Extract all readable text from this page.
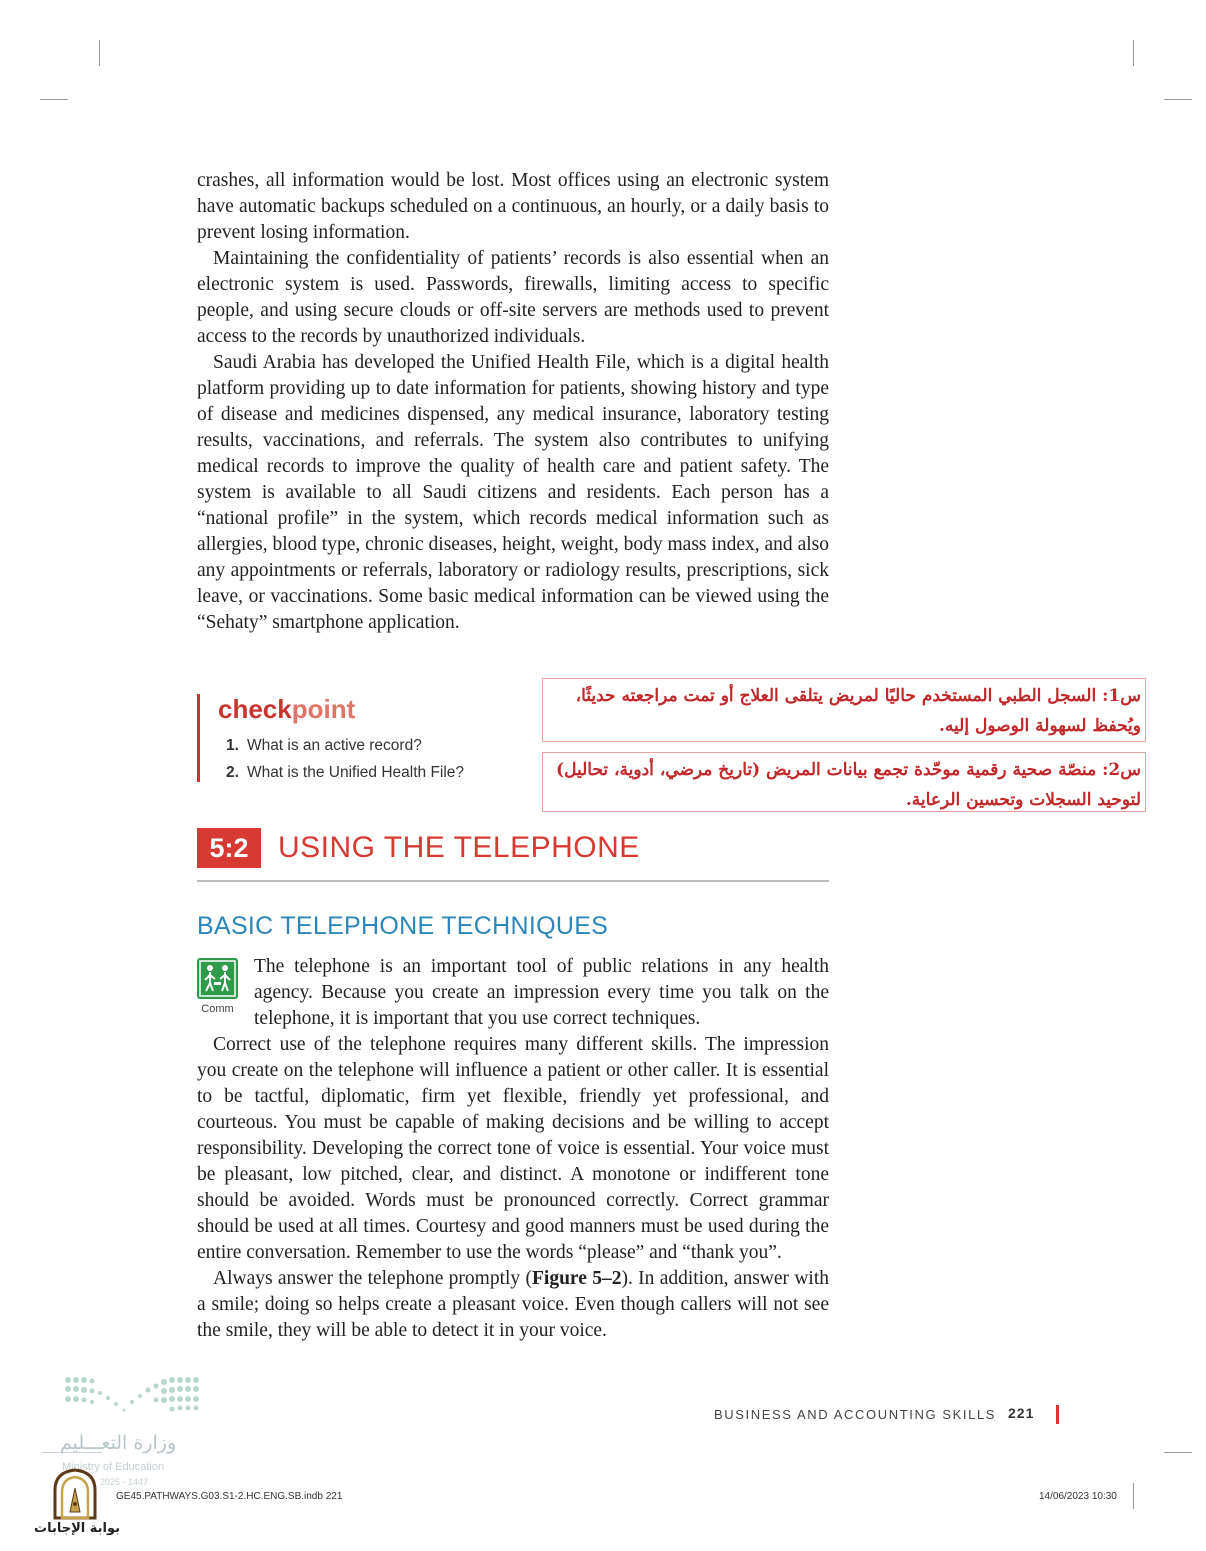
crashes, all information would be lost. Most offices using an electronic system have automatic backups scheduled on a continuous, an hourly, or a daily basis to prevent losing information.

Maintaining the confidentiality of patients’ records is also essential when an electronic system is used. Passwords, firewalls, limiting access to specific people, and using secure clouds or off-site servers are methods used to prevent access to the records by unauthorized individuals.

Saudi Arabia has developed the Unified Health File, which is a digital health platform providing up to date information for patients, showing history and type of disease and medicines dispensed, any medical insurance, laboratory testing results, vaccinations, and referrals. The system also contributes to unifying medical records to improve the quality of health care and patient safety. The system is available to all Saudi citizens and residents. Each person has a “national profile” in the system, which records medical information such as allergies, blood type, chronic diseases, height, weight, body mass index, and also any appointments or referrals, laboratory or radiology results, prescriptions, sick leave, or vaccinations. Some basic medical information can be viewed using the “Sehaty” smartphone application.

checkpoint
1. What is an active record?
2. What is the Unified Health File?
س1: السجل الطبي المستخدم حاليًا لمريض يتلقى العلاج أو تمت مراجعته حديثًا، ويُحفظ لسهولة الوصول إليه.
س2: منصّة صحية رقمية موحّدة تجمع بيانات المريض (تاريخ مرضي، أدوية، تحاليل) لتوحيد السجلات وتحسين الرعاية.
5:2 USING THE TELEPHONE
BASIC TELEPHONE TECHNIQUES
Comm

The telephone is an important tool of public relations in any health agency. Because you create an impression every time you talk on the telephone, it is important that you use correct techniques.

Correct use of the telephone requires many different skills. The impression you create on the telephone will influence a patient or other caller. It is essential to be tactful, diplomatic, firm yet flexible, friendly yet professional, and courteous. You must be capable of making decisions and be willing to accept responsibility. Developing the correct tone of voice is essential. Your voice must be pleasant, low pitched, clear, and distinct. A monotone or indifferent tone should be avoided. Words must be pronounced correctly. Correct grammar should be used at all times. Courtesy and good manners must be used during the entire conversation. Remember to use the words “please” and “thank you”.

Always answer the telephone promptly (Figure 5–2). In addition, answer with a smile; doing so helps create a pleasant voice. Even though callers will not see the smile, they will be able to detect it in your voice.

وزارة التعـــليم
Ministry of Education
2025 - 1447
بوابة الإجابات
BUSINESS AND ACCOUNTING SKILLS 221
GE45.PATHWAYS.G03.S1-2.HC.ENG.SB.indb 221	14/06/2023 10:30
